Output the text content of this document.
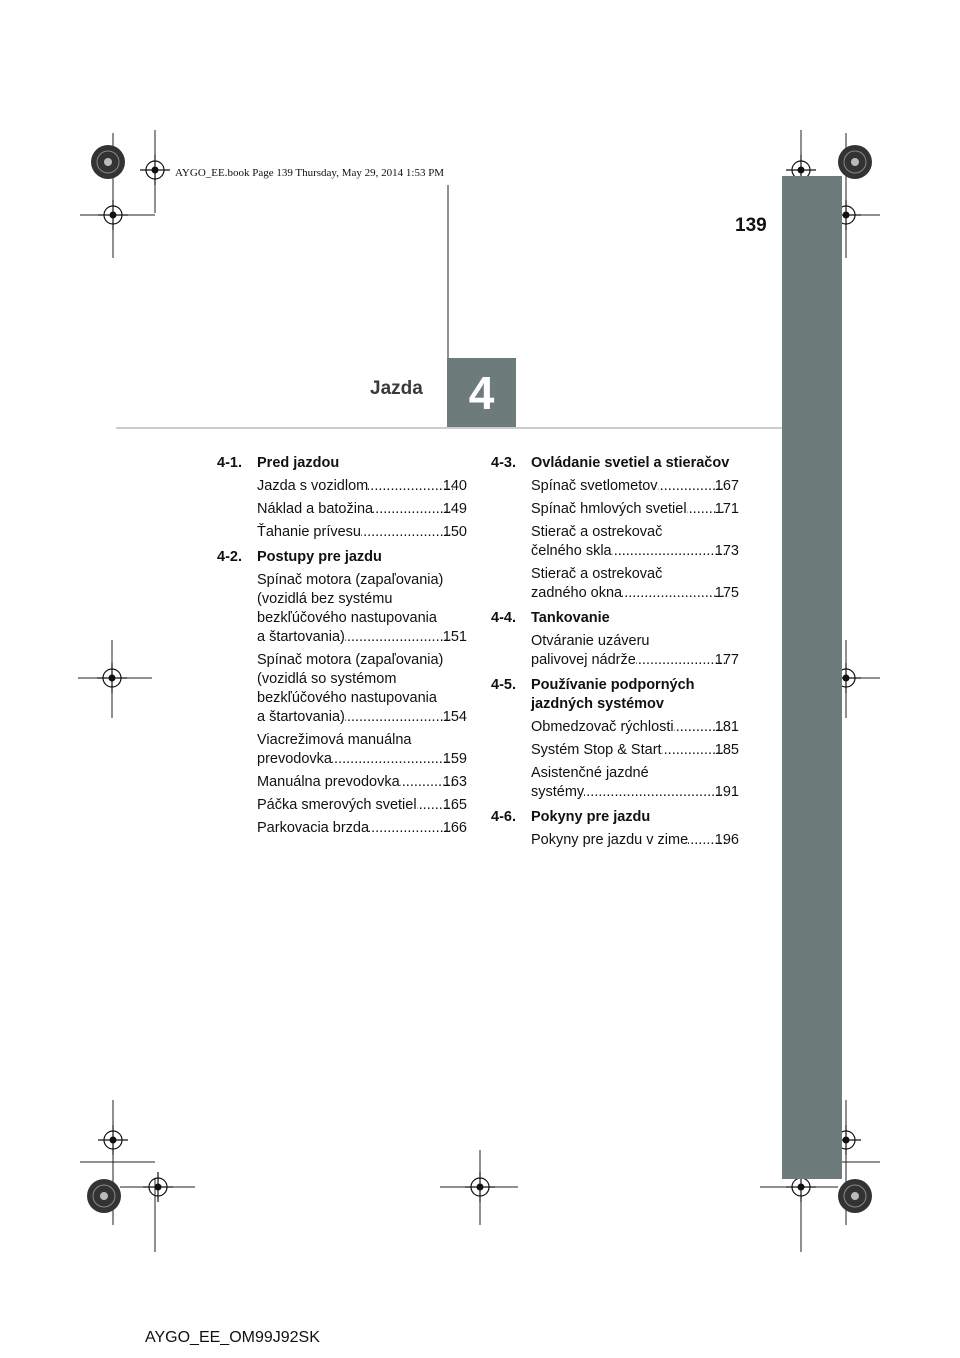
4
Jazda
139
AYGO_EE.book Page 139 Thursday, May 29, 2014 1:53 PM
AYGO_EE_OM99J92SK
4-1.	Pred jazdou
Jazda s vozidlom .....	140
Náklad a batožina .....	149
Ťahanie prívesu .....	150
4-2.	Postupy pre jazdu
Spínač motora (zapaľovania)
(vozidlá bez systému
bezkľúčového nastupovania
a štartovania) .....	151
Spínač motora (zapaľovania)
(vozidlá so systémom
bezkľúčového nastupovania
a štartovania) .....	154
Viacrežimová manuálna
prevodovka .....	159
Manuálna prevodovka .....	163
Páčka smerových svetiel ..... 165
Parkovacia brzda .....	166
4-3.	Ovládanie svetiel a stieračov
Spínač svetlometov .....	167
Spínač hmlových svetiel ..... 171
Stierač a ostrekovač
čelného skla .....	173
Stierač a ostrekovač
zadného okna .....	175
4-4.	Tankovanie
Otváranie uzáveru
palivovej nádrže .....	177
4-5.	Používanie podporných jazdných systémov
Obmedzovač rýchlosti .....	181
Systém Stop & Start .....	185
Asistenčné jazdné
systémy .....	191
4-6.	Pokyny pre jazdu
Pokyny pre jazdu v zime ..... 196
